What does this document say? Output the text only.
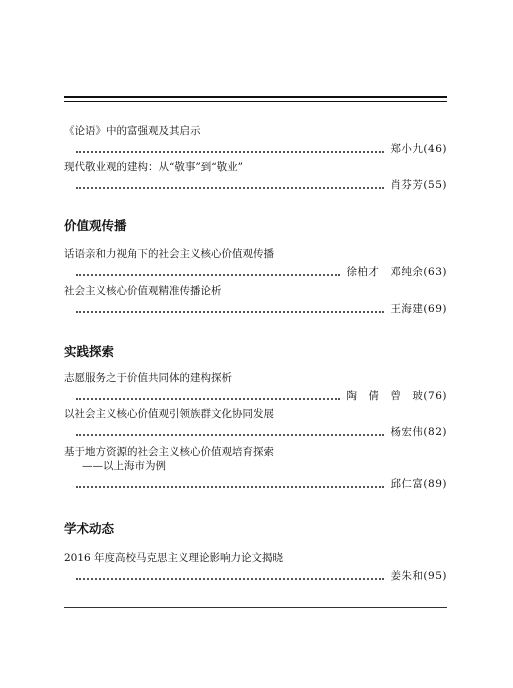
《论语》中的富强观及其启示
郑小九(46)
现代敬业观的建构：从“敬事”到“敬业”
肖芬芳(55)
价值观传播
话语亲和力视角下的社会主义核心价值观传播
徐柏才　邓纯余(63)
社会主义核心价值观精准传播论析
王海建(69)
实践探索
志愿服务之于价值共同体的建构探析
陶　倩　曾　玻(76)
以社会主义核心价值观引领族群文化协同发展
杨宏伟(82)
基于地方资源的社会主义核心价值观培育探索
——以上海市为例
邱仁富(89)
学术动态
2016 年度高校马克思主义理论影响力论文揭晓
姜朱和(95)
